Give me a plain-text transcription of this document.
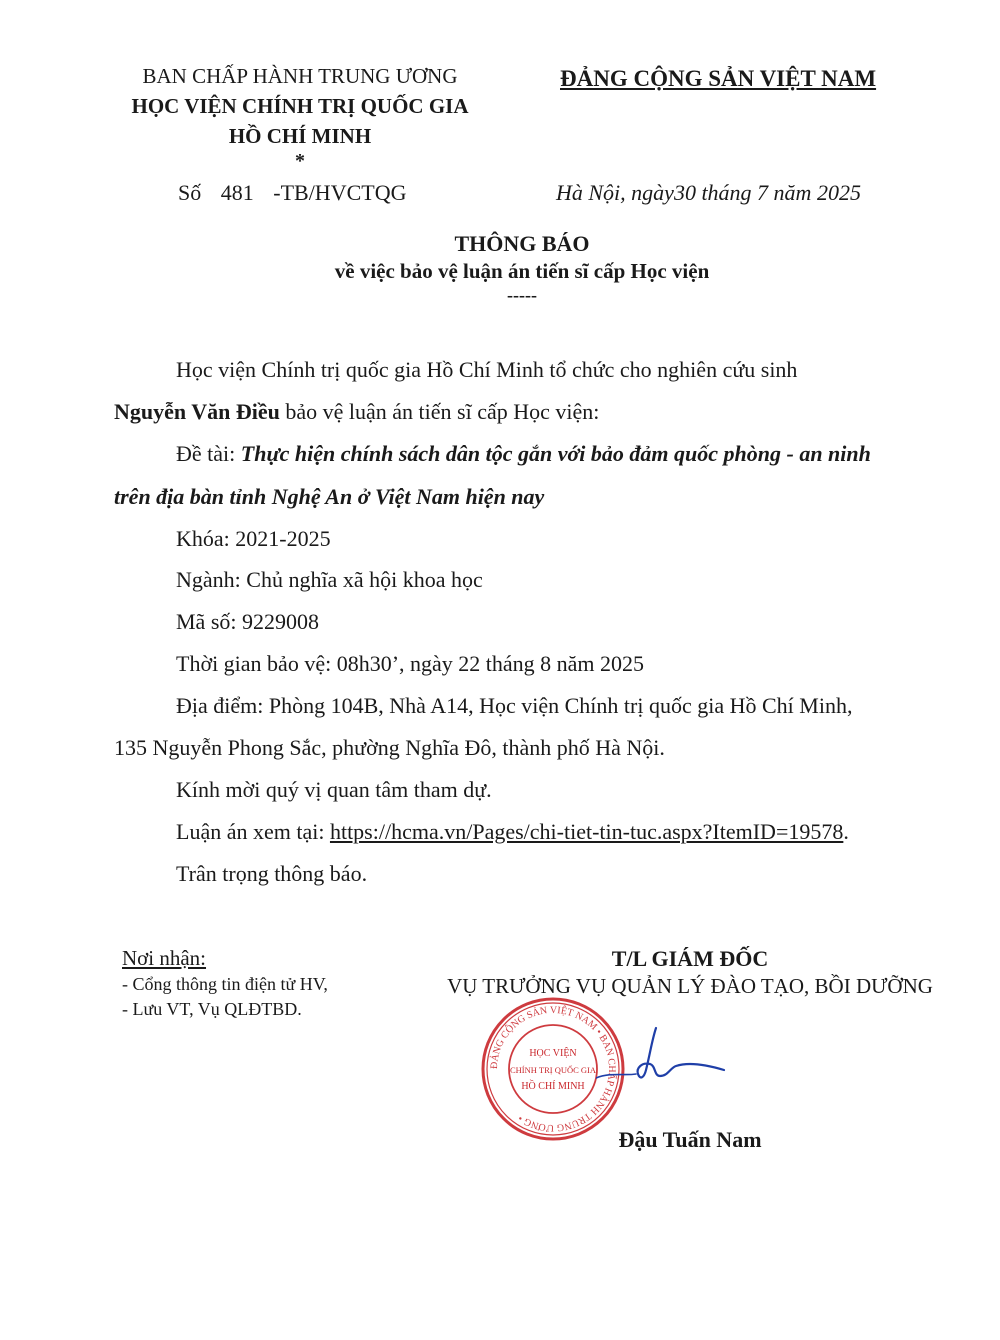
BAN CHẤP HÀNH TRUNG ƯƠNG
HỌC VIỆN CHÍNH TRỊ QUỐC GIA
HỒ CHÍ MINH
*
ĐẢNG CỘNG SẢN VIỆT NAM
Số 481 -TB/HVCTQG	Hà Nội, ngày30 tháng 7 năm 2025
THÔNG BÁO
về việc bảo vệ luận án tiến sĩ cấp Học viện
-----
Học viện Chính trị quốc gia Hồ Chí Minh tổ chức cho nghiên cứu sinh
Nguyễn Văn Điều bảo vệ luận án tiến sĩ cấp Học viện:
Đề tài: Thực hiện chính sách dân tộc gắn với bảo đảm quốc phòng - an ninh
trên địa bàn tỉnh Nghệ An ở Việt Nam hiện nay
Khóa: 2021-2025
Ngành: Chủ nghĩa xã hội khoa học
Mã số: 9229008
Thời gian bảo vệ: 08h30’, ngày 22 tháng 8 năm 2025
Địa điểm: Phòng 104B, Nhà A14, Học viện Chính trị quốc gia Hồ Chí Minh,
135 Nguyễn Phong Sắc, phường Nghĩa Đô, thành phố Hà Nội.
Kính mời quý vị quan tâm tham dự.
Luận án xem tại: https://hcma.vn/Pages/chi-tiet-tin-tuc.aspx?ItemID=19578.
Trân trọng thông báo.
Nơi nhận:
- Cổng thông tin điện tử HV,
- Lưu VT, Vụ QLĐTBD.
T/L GIÁM ĐỐC
VỤ TRƯỞNG VỤ QUẢN LÝ ĐÀO TẠO, BỒI DƯỠNG
ĐẢNG CỘNG SẢN VIỆT NAM • BAN CHẤP HÀNH TRUNG ƯƠNG •
HỌC VIỆN
CHÍNH TRỊ QUỐC GIA
HỒ CHÍ MINH
Đậu Tuấn Nam
